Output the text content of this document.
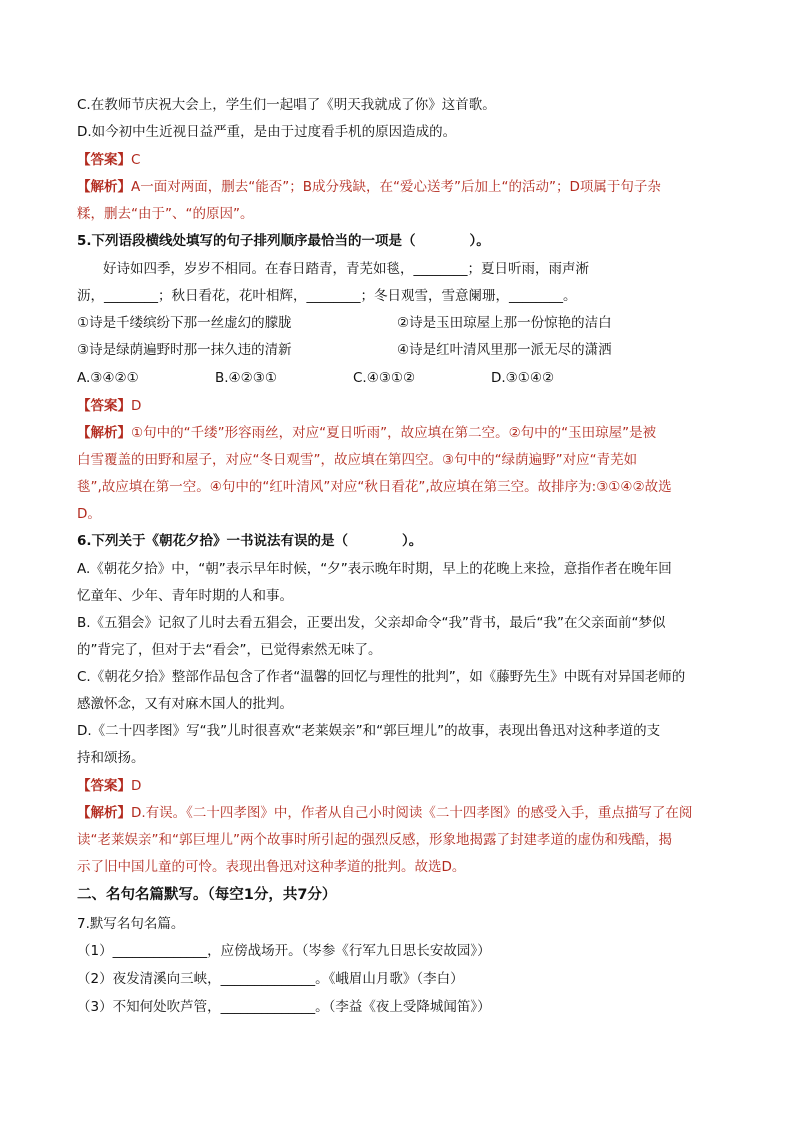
C.在教师节庆祝大会上，学生们一起唱了《明天我就成了你》这首歌。
D.如今初中生近视日益严重，是由于过度看手机的原因造成的。
【答案】C
【解析】A一面对两面，删去“能否”；B成分残缺，在“爱心送考”后加上“的活动”；D项属于句子杂
糅，删去“由于”、“的原因”。
5.下列语段横线处填写的句子排列顺序最恰当的一项是（　　　　）。
好诗如四季，岁岁不相同。在春日踏青，青芜如毯，________；夏日听雨，雨声淅
沥，________；秋日看花，花叶相辉，________；冬日观雪，雪意阑珊，________。
①诗是千缕缤纷下那一丝虚幻的朦胧	②诗是玉田琼屋上那一份惊艳的洁白
③诗是绿荫遍野时那一抹久违的清新	④诗是红叶清风里那一派无尽的潇洒
A.③④②①	B.④②③①	C.④③①②	D.③①④②
【答案】D
【解析】①句中的“千缕”形容雨丝，对应“夏日听雨”，故应填在第二空。②句中的“玉田琼屋”是被
白雪覆盖的田野和屋子，对应“冬日观雪”，故应填在第四空。③句中的“绿荫遍野”对应“青芜如
毯”,故应填在第一空。④句中的“红叶清风”对应“秋日看花”,故应填在第三空。故排序为:③①④②故选
D。
6.下列关于《朝花夕拾》一书说法有误的是（　　　　）。
A.《朝花夕拾》中，“朝”表示早年时候，“夕”表示晚年时期，早上的花晚上来捡，意指作者在晚年回
忆童年、少年、青年时期的人和事。
B.《五猖会》记叙了儿时去看五猖会，正要出发，父亲却命令“我”背书，最后“我”在父亲面前“梦似
的”背完了，但对于去“看会”，已觉得索然无味了。
C.《朝花夕拾》整部作品包含了作者“温馨的回忆与理性的批判”，如《藤野先生》中既有对异国老师的
感激怀念，又有对麻木国人的批判。
D.《二十四孝图》写“我”儿时很喜欢“老莱娱亲”和“郭巨埋儿”的故事，表现出鲁迅对这种孝道的支
持和颂扬。
【答案】D
【解析】D.有误。《二十四孝图》中，作者从自己小时阅读《二十四孝图》的感受入手，重点描写了在阅
读“老莱娱亲”和“郭巨埋儿”两个故事时所引起的强烈反感，形象地揭露了封建孝道的虚伪和残酷，揭
示了旧中国儿童的可怜。表现出鲁迅对这种孝道的批判。故选D。
二、名句名篇默写。（每空1分，共7分）
7.默写名句名篇。
（1）______________，应傍战场开。（岑参《行军九日思长安故园》）
（2）夜发清溪向三峡，______________。《峨眉山月歌》（李白）
（3）不知何处吹芦管，______________。（李益《夜上受降城闻笛》）
